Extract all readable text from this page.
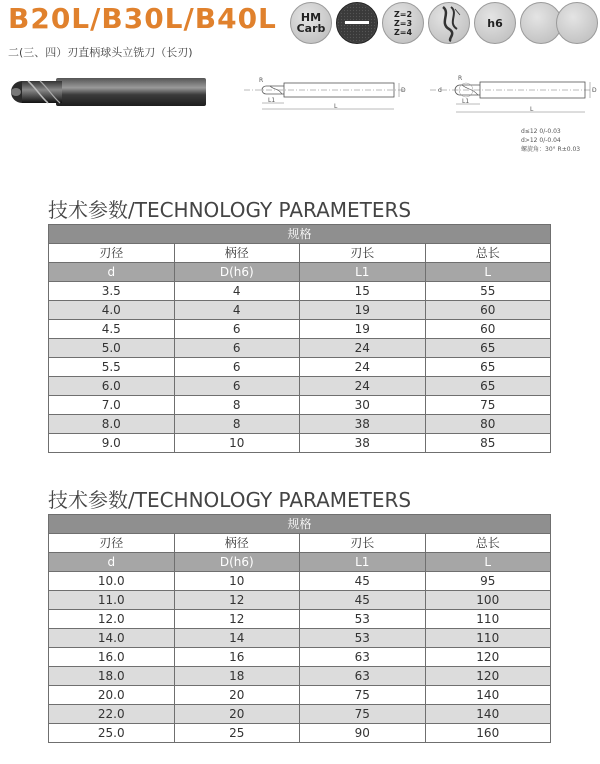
B20L/B30L/B40L
二(三、四）刃直柄球头立铣刀（长刃)
HM
Carb
Z=2
Z=3
Z=4
h6
L1
L
D
R
L1
L
D
R
d
d≤12 0/-0.03
d>12 0/-0.04
螺旋角：30° R±0.03
技术参数/TECHNOLOGY PARAMETERS
规格			
刃径	柄径	刃长	总长
d	D(h6)	L1	L
3.5	4	15	55
4.0	4	19	60
4.5	6	19	60
5.0	6	24	65
5.5	6	24	65
6.0	6	24	65
7.0	8	30	75
8.0	8	38	80
9.0	10	38	85
技术参数/TECHNOLOGY PARAMETERS
规格			
刃径	柄径	刃长	总长
d	D(h6)	L1	L
10.0	10	45	95
11.0	12	45	100
12.0	12	53	110
14.0	14	53	110
16.0	16	63	120
18.0	18	63	120
20.0	20	75	140
22.0	20	75	140
25.0	25	90	160
